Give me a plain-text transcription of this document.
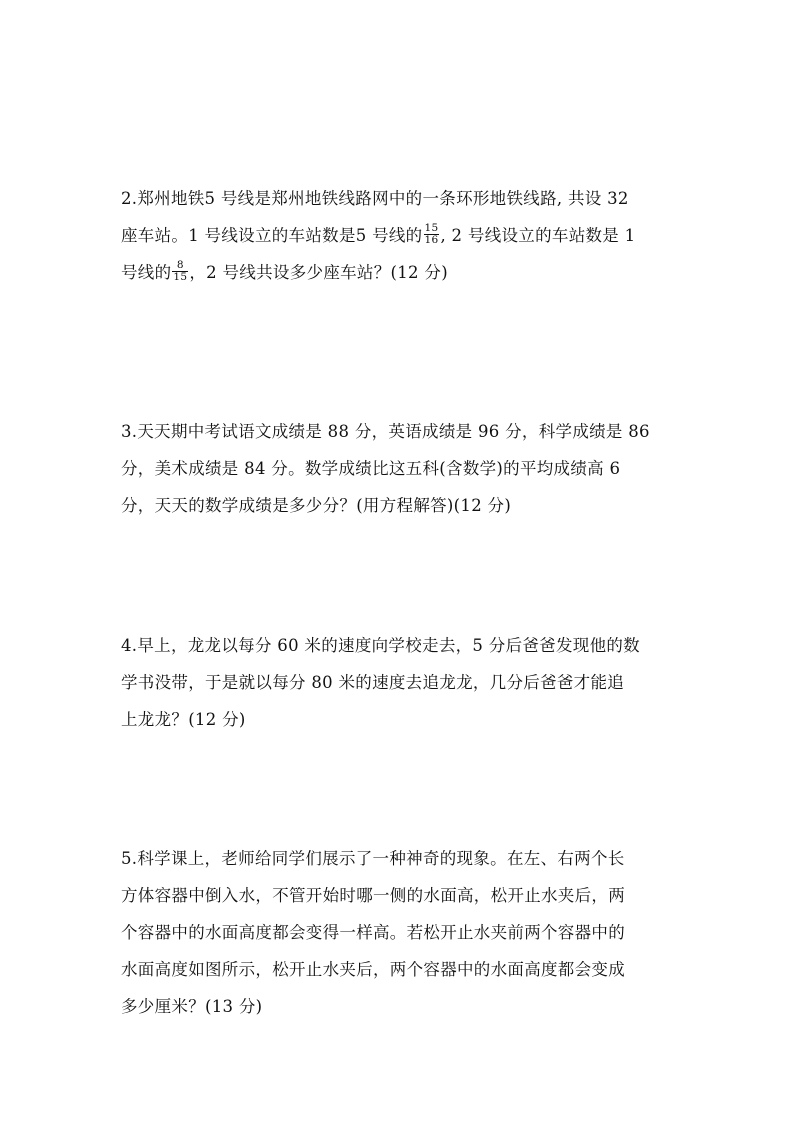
2.郑州地铁5 号线是郑州地铁线路网中的一条环形地铁线路, 共设 32
座车站。1 号线设立的车站数是5 号线的 $\frac{15}{16}$ , 2 号线设立的车站数是 1
号线的 $\frac{8}{15}$ ，2 号线共设多少座车站？(12 分)
3.天天期中考试语文成绩是 88 分，英语成绩是 96 分，科学成绩是 86
分，美术成绩是 84 分。数学成绩比这五科(含数学)的平均成绩高 6
分，天天的数学成绩是多少分？(用方程解答)(12 分)
4.早上，龙龙以每分 60 米的速度向学校走去，5 分后爸爸发现他的数
学书没带，于是就以每分 80 米的速度去追龙龙，几分后爸爸才能追
上龙龙？(12 分)
5.科学课上，老师给同学们展示了一种神奇的现象。在左、右两个长
方体容器中倒入水，不管开始时哪一侧的水面高，松开止水夹后，两
个容器中的水面高度都会变得一样高。若松开止水夹前两个容器中的
水面高度如图所示，松开止水夹后，两个容器中的水面高度都会变成
多少厘米？(13 分)
